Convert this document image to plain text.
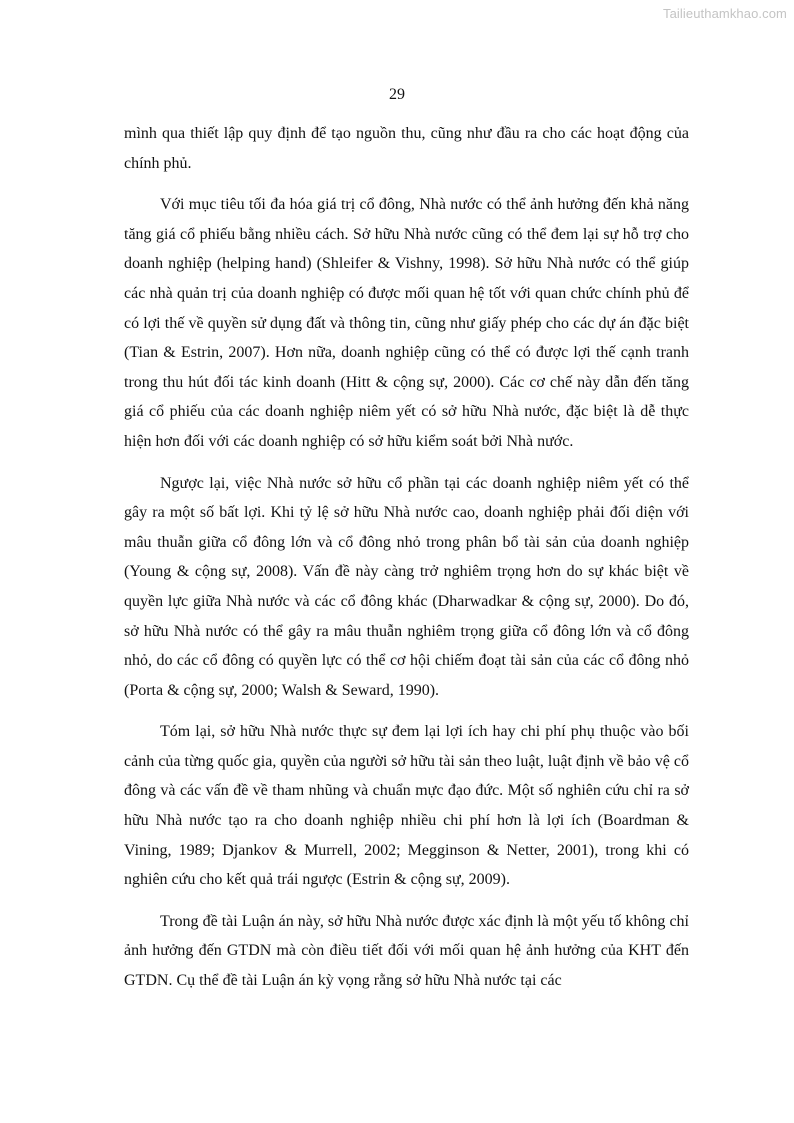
Tailieuthamkhao.com
29

mình qua thiết lập quy định để tạo nguồn thu, cũng như đầu ra cho các hoạt động của chính phủ.

Với mục tiêu tối đa hóa giá trị cổ đông, Nhà nước có thể ảnh hưởng đến khả năng tăng giá cổ phiếu bằng nhiều cách. Sở hữu Nhà nước cũng có thể đem lại sự hỗ trợ cho doanh nghiệp (helping hand) (Shleifer & Vishny, 1998). Sở hữu Nhà nước có thể giúp các nhà quản trị của doanh nghiệp có được mối quan hệ tốt với quan chức chính phủ để có lợi thế về quyền sử dụng đất và thông tin, cũng như giấy phép cho các dự án đặc biệt (Tian & Estrin, 2007). Hơn nữa, doanh nghiệp cũng có thể có được lợi thế cạnh tranh trong thu hút đối tác kinh doanh (Hitt & cộng sự, 2000). Các cơ chế này dẫn đến tăng giá cổ phiếu của các doanh nghiệp niêm yết có sở hữu Nhà nước, đặc biệt là dễ thực hiện hơn đối với các doanh nghiệp có sở hữu kiểm soát bởi Nhà nước.

Ngược lại, việc Nhà nước sở hữu cổ phần tại các doanh nghiệp niêm yết có thể gây ra một số bất lợi. Khi tỷ lệ sở hữu Nhà nước cao, doanh nghiệp phải đối diện với mâu thuẫn giữa cổ đông lớn và cổ đông nhỏ trong phân bổ tài sản của doanh nghiệp (Young & cộng sự, 2008). Vấn đề này càng trở nghiêm trọng hơn do sự khác biệt về quyền lực giữa Nhà nước và các cổ đông khác (Dharwadkar & cộng sự, 2000). Do đó, sở hữu Nhà nước có thể gây ra mâu thuẫn nghiêm trọng giữa cổ đông lớn và cổ đông nhỏ, do các cổ đông có quyền lực có thể cơ hội chiếm đoạt tài sản của các cổ đông nhỏ (Porta & cộng sự, 2000; Walsh & Seward, 1990).

Tóm lại, sở hữu Nhà nước thực sự đem lại lợi ích hay chi phí phụ thuộc vào bối cảnh của từng quốc gia, quyền của người sở hữu tài sản theo luật, luật định về bảo vệ cổ đông và các vấn đề về tham nhũng và chuẩn mực đạo đức. Một số nghiên cứu chỉ ra sở hữu Nhà nước tạo ra cho doanh nghiệp nhiều chi phí hơn là lợi ích (Boardman & Vining, 1989; Djankov & Murrell, 2002; Megginson & Netter, 2001), trong khi có nghiên cứu cho kết quả trái ngược (Estrin & cộng sự, 2009).

Trong đề tài Luận án này, sở hữu Nhà nước được xác định là một yếu tố không chỉ ảnh hưởng đến GTDN mà còn điều tiết đối với mối quan hệ ảnh hưởng của KHT đến GTDN. Cụ thể đề tài Luận án kỳ vọng rằng sở hữu Nhà nước tại các
